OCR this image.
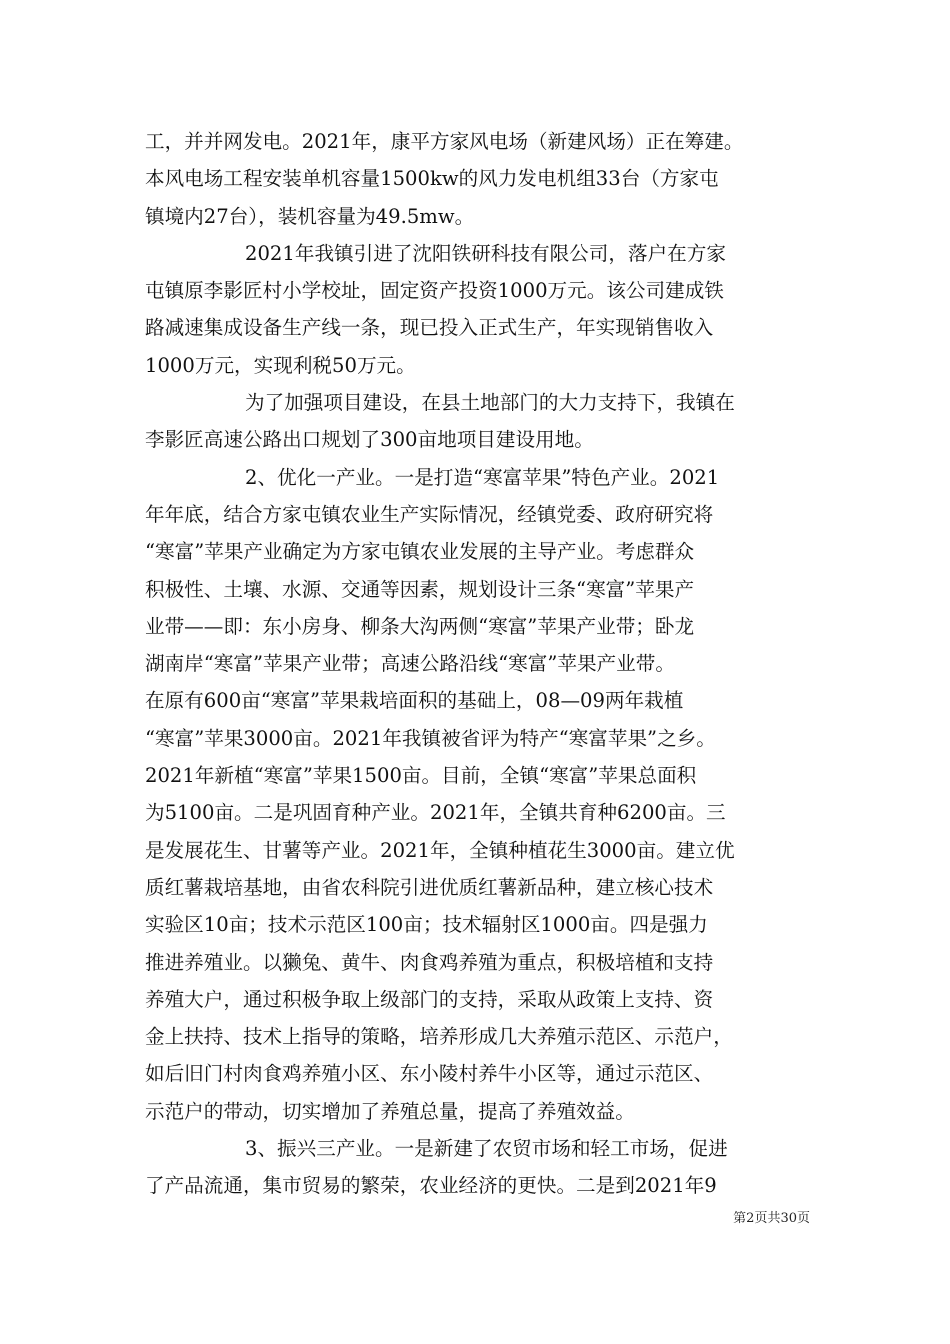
工，并并网发电。2021年，康平方家风电场（新建风场）正在筹建。
本风电场工程安装单机容量1500kw的风力发电机组33台（方家屯
镇境内27台），装机容量为49.5mw。
2021年我镇引进了沈阳铁研科技有限公司，落户在方家
屯镇原李影匠村小学校址，固定资产投资1000万元。该公司建成铁
路减速集成设备生产线一条，现已投入正式生产，年实现销售收入
1000万元，实现利税50万元。
为了加强项目建设，在县土地部门的大力支持下，我镇在
李影匠高速公路出口规划了300亩地项目建设用地。
2、优化一产业。一是打造“寒富苹果”特色产业。2021
年年底，结合方家屯镇农业生产实际情况，经镇党委、政府研究将
“寒富”苹果产业确定为方家屯镇农业发展的主导产业。考虑群众
积极性、土壤、水源、交通等因素，规划设计三条“寒富”苹果产
业带——即：东小房身、柳条大沟两侧“寒富”苹果产业带；卧龙
湖南岸“寒富”苹果产业带；高速公路沿线“寒富”苹果产业带。
在原有600亩“寒富”苹果栽培面积的基础上，08—09两年栽植
“寒富”苹果3000亩。2021年我镇被省评为特产“寒富苹果”之乡。
2021年新植“寒富”苹果1500亩。目前，全镇“寒富”苹果总面积
为5100亩。二是巩固育种产业。2021年，全镇共育种6200亩。三
是发展花生、甘薯等产业。2021年，全镇种植花生3000亩。建立优
质红薯栽培基地，由省农科院引进优质红薯新品种，建立核心技术
实验区10亩；技术示范区100亩；技术辐射区1000亩。四是强力
推进养殖业。以獭兔、黄牛、肉食鸡养殖为重点，积极培植和支持
养殖大户，通过积极争取上级部门的支持，采取从政策上支持、资
金上扶持、技术上指导的策略，培养形成几大养殖示范区、示范户，
如后旧门村肉食鸡养殖小区、东小陵村养牛小区等，通过示范区、
示范户的带动，切实增加了养殖总量，提高了养殖效益。
3、振兴三产业。一是新建了农贸市场和轻工市场，促进
了产品流通，集市贸易的繁荣，农业经济的更快。二是到2021年9
第2页共30页
